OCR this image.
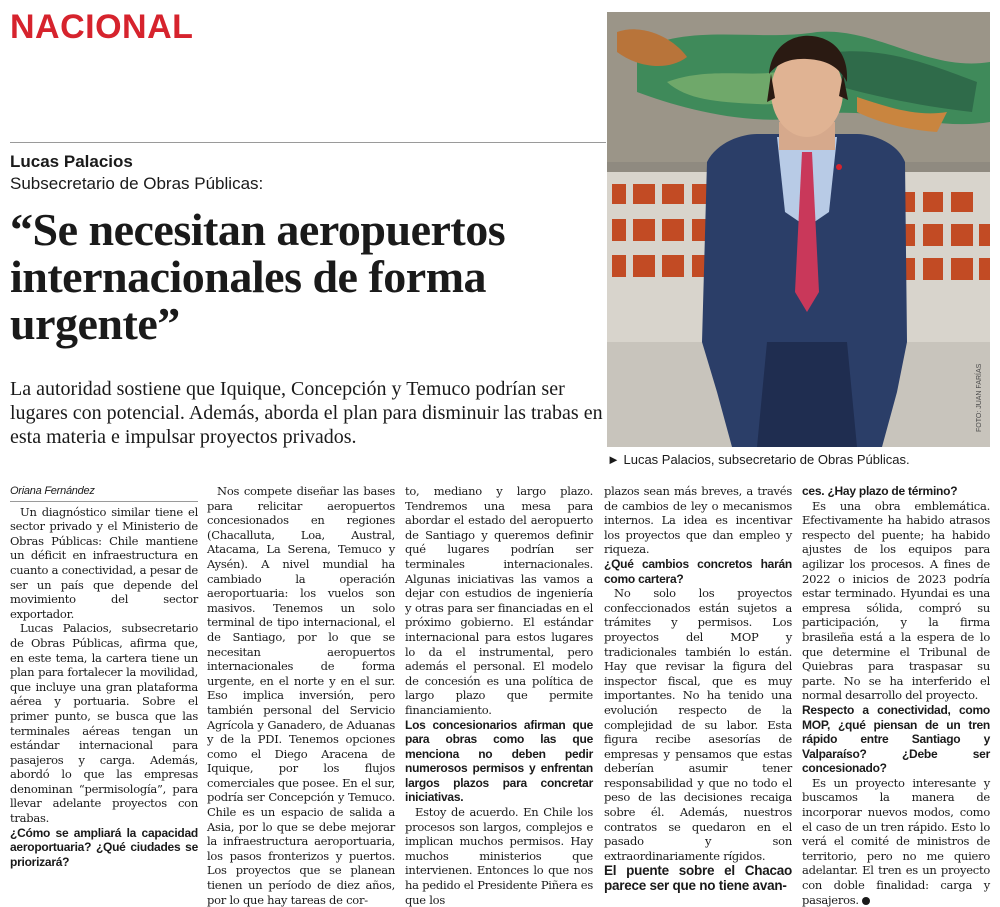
NACIONAL
Lucas Palacios
Subsecretario de Obras Públicas:
“Se necesitan aeropuertos internacionales de forma urgente”
La autoridad sostiene que Iquique, Concepción y Temuco podrían ser lugares con potencial. Además, aborda el plan para disminuir las trabas en esta materia e impulsar proyectos privados.
FOTO: JUAN FARÍAS
► Lucas Palacios, subsecretario de Obras Públicas.
Oriana Fernández

Un diagnóstico similar tiene el sector privado y el Ministerio de Obras Públicas: Chile mantiene un déficit en infraestructura en cuanto a conectividad, a pesar de ser un país que depende del movimiento del sector exportador.

Lucas Palacios, subsecretario de Obras Públicas, afirma que, en este tema, la cartera tiene un plan para fortalecer la movilidad, que incluye una gran plataforma aérea y portuaria. Sobre el primer punto, se busca que las terminales aéreas tengan un estándar internacional para pasajeros y carga. Además, abordó lo que las empresas denominan “permisología”, para llevar adelante proyectos con trabas.

¿Cómo se ampliará la capacidad aeroportuaria? ¿Qué ciudades se priorizará?

Nos compete diseñar las bases para relicitar aeropuertos concesionados en regiones (Chacalluta, Loa, Austral, Atacama, La Serena, Temuco y Aysén). A nivel mundial ha cambiado la operación aeroportuaria: los vuelos son masivos. Tenemos un solo terminal de tipo internacional, el de Santiago, por lo que se necesitan aeropuertos internacionales de forma urgente, en el norte y en el sur. Eso implica inversión, pero también personal del Servicio Agrícola y Ganadero, de Aduanas y de la PDI. Tenemos opciones como el Diego Aracena de Iquique, por los flujos comerciales que posee. En el sur, podría ser Concepción y Temuco. Chile es un espacio de salida a Asia, por lo que se debe mejorar la infraestructura aeroportuaria, los pasos fronterizos y puertos. Los proyectos que se planean tienen un período de diez años, por lo que hay tareas de cor-

to, mediano y largo plazo. Tendremos una mesa para abordar el estado del aeropuerto de Santiago y queremos definir qué lugares podrían ser terminales internacionales. Algunas iniciativas las vamos a dejar con estudios de ingeniería y otras para ser financiadas en el próximo gobierno. El estándar internacional para estos lugares lo da el instrumental, pero además el personal. El modelo de concesión es una política de largo plazo que permite financiamiento.

Los concesionarios afirman que para obras como las que menciona no deben pedir numerosos permisos y enfrentan largos plazos para concretar iniciativas.

Estoy de acuerdo. En Chile los procesos son largos, complejos e implican muchos permisos. Hay muchos ministerios que intervienen. Entonces lo que nos ha pedido el Presidente Piñera es que los

plazos sean más breves, a través de cambios de ley o mecanismos internos. La idea es incentivar los proyectos que dan empleo y riqueza.

¿Qué cambios concretos harán como cartera?

No solo los proyectos confeccionados están sujetos a trámites y permisos. Los proyectos del MOP y tradicionales también lo están. Hay que revisar la figura del inspector fiscal, que es muy importantes. No ha tenido una evolución respecto de la complejidad de su labor. Esta figura recibe asesorías de empresas y pensamos que estas deberían asumir tener responsabilidad y que no todo el peso de las decisiones recaiga sobre él. Además, nuestros contratos se quedaron en el pasado y son extraordinariamente rígidos.

El puente sobre el Chacao parece ser que no tiene avan-

ces. ¿Hay plazo de término?

Es una obra emblemática. Efectivamente ha habido atrasos respecto del puente; ha habido ajustes de los equipos para agilizar los procesos. A fines de 2022 o inicios de 2023 podría estar terminado. Hyundai es una empresa sólida, compró su participación, y la firma brasileña está a la espera de lo que determine el Tribunal de Quiebras para traspasar su parte. No se ha interferido el normal desarrollo del proyecto.

Respecto a conectividad, como MOP, ¿qué piensan de un tren rápido entre Santiago y Valparaíso? ¿Debe ser concesionado?

Es un proyecto interesante y buscamos la manera de incorporar nuevos modos, como el caso de un tren rápido. Esto lo verá el comité de ministros de territorio, pero no me quiero adelantar. El tren es un proyecto con doble finalidad: carga y pasajeros.
